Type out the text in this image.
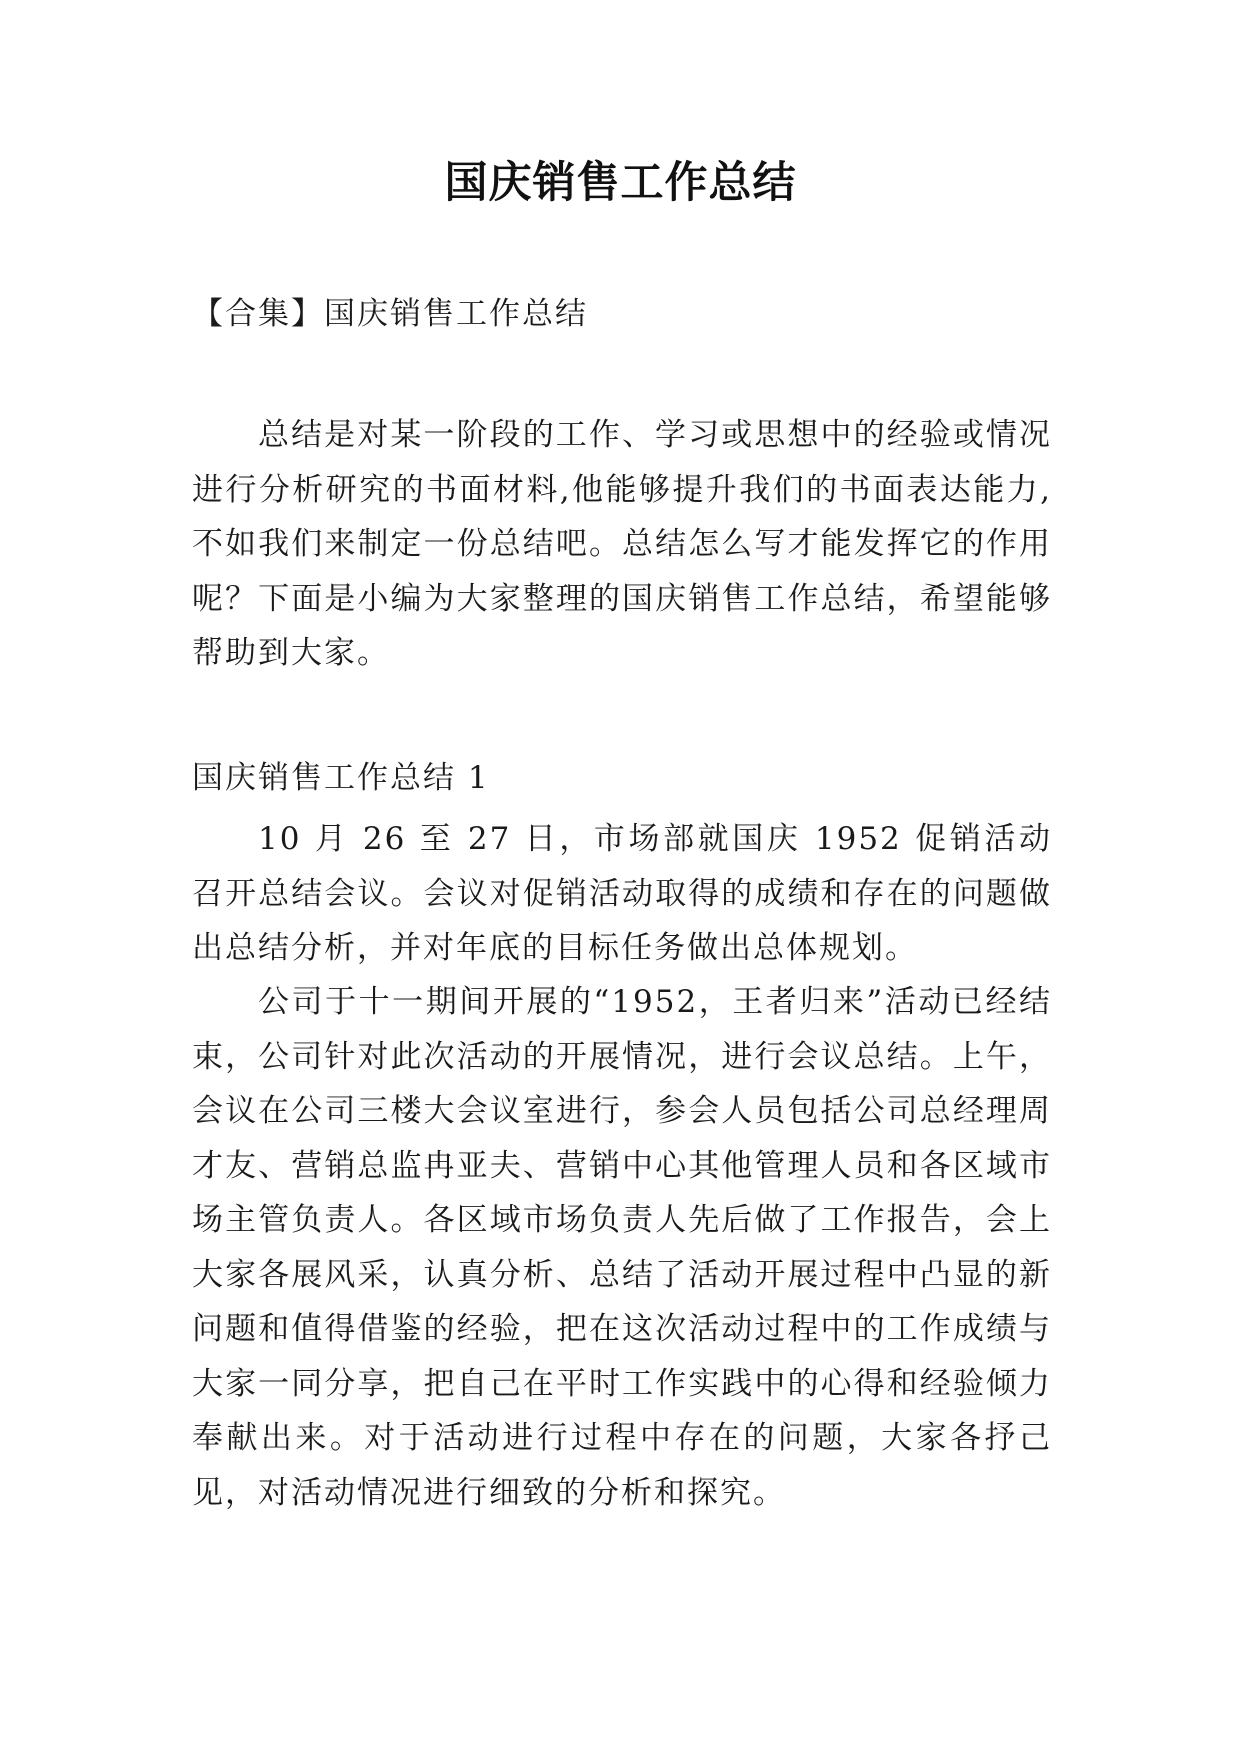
国庆销售工作总结
【合集】国庆销售工作总结

总结是对某一阶段的工作、学习或思想中的经验或情况进行分析研究的书面材料,他能够提升我们的书面表达能力,不如我们来制定一份总结吧。总结怎么写才能发挥它的作用呢？下面是小编为大家整理的国庆销售工作总结，希望能够帮助到大家。

国庆销售工作总结 1

10 月 26 至 27 日，市场部就国庆 1952 促销活动召开总结会议。会议对促销活动取得的成绩和存在的问题做出总结分析，并对年底的目标任务做出总体规划。

公司于十一期间开展的“1952，王者归来”活动已经结束，公司针对此次活动的开展情况，进行会议总结。上午，会议在公司三楼大会议室进行，参会人员包括公司总经理周才友、营销总监冉亚夫、营销中心其他管理人员和各区域市场主管负责人。各区域市场负责人先后做了工作报告，会上大家各展风采，认真分析、总结了活动开展过程中凸显的新问题和值得借鉴的经验，把在这次活动过程中的工作成绩与大家一同分享，把自己在平时工作实践中的心得和经验倾力奉献出来。对于活动进行过程中存在的问题，大家各抒己见，对活动情况进行细致的分析和探究。
